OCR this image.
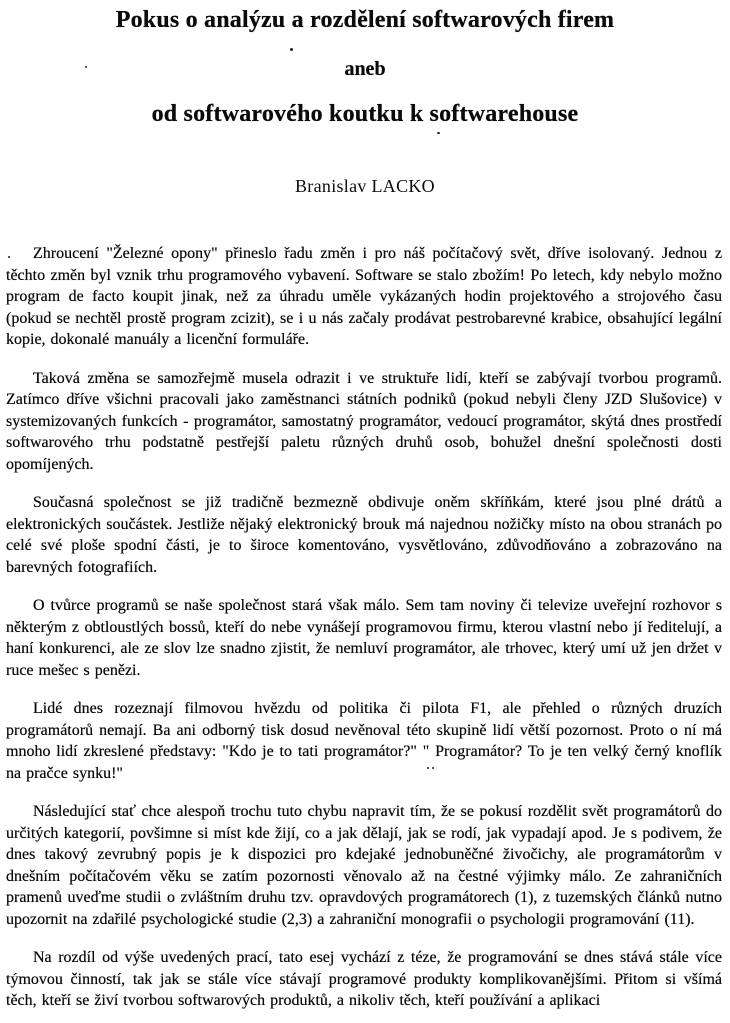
Pokus o analýzu a rozdělení softwarových firem
aneb
od softwarového koutku k softwarehouse
Branislav LACKO

Zhroucení "Železné opony" přineslo řadu změn i pro náš počítačový svět, dříve isolovaný. Jednou z těchto změn byl vznik trhu programového vybavení. Software se stalo zbožím! Po letech, kdy nebylo možno program de facto koupit jinak, než za úhradu uměle vykázaných hodin projektového a strojového času (pokud se nechtěl prostě program zcizit), se i u nás začaly prodávat pestrobarevné krabice, obsahující legální kopie, dokonalé manuály a licenční formuláře.

Taková změna se samozřejmě musela odrazit i ve struktuře lidí, kteří se zabývají tvorbou programů. Zatímco dříve všichni pracovali jako zaměstnanci státních podniků (pokud nebyli členy JZD Slušovice) v systemizovaných funkcích - programátor, samostatný programátor, vedoucí programátor, skýtá dnes prostředí softwarového trhu podstatně pestřejší paletu různých druhů osob, bohužel dnešní společnosti dosti opomíjených.

Současná společnost se již tradičně bezmezně obdivuje oněm skříňkám, které jsou plné drátů a elektronických součástek. Jestliže nějaký elektronický brouk má najednou nožičky místo na obou stranách po celé své ploše spodní části, je to široce komentováno, vysvětlováno, zdůvodňováno a zobrazováno na barevných fotografiích.

O tvůrce programů se naše společnost stará však málo. Sem tam noviny či televize uveřejní rozhovor s některým z obtloustlých bossů, kteří do nebe vynášejí programovou firmu, kterou vlastní nebo jí ředitelují, a haní konkurenci, ale ze slov lze snadno zjistit, že nemluví programátor, ale trhovec, který umí už jen držet v ruce mešec s penězi.

Lidé dnes rozeznají filmovou hvězdu od politika či pilota F1, ale přehled o různých druzích programátorů nemají. Ba ani odborný tisk dosud nevěnoval této skupině lidí větší pozornost. Proto o ní má mnoho lidí zkreslené představy: "Kdo je to tati programátor?" " Programátor? To je ten velký černý knoflík na pračce synku!"

Následující stať chce alespoň trochu tuto chybu napravit tím, že se pokusí rozdělit svět programátorů do určitých kategorií, povšimne si míst kde žijí, co a jak dělají, jak se rodí, jak vypadají apod. Je s podivem, že dnes takový zevrubný popis je k dispozici pro kdejaké jednobuněčné živočichy, ale programátorům v dnešním počítačovém věku se zatím pozornosti věnovalo až na čestné výjimky málo. Ze zahraničních pramenů uveďme studii o zvláštním druhu tzv. opravdových programátorech (1), z tuzemských článků nutno upozornit na zdařilé psychologické studie (2,3) a zahraniční monografii o psychologii programování (11).

Na rozdíl od výše uvedených prací, tato esej vychází z téze, že programování se dnes stává stále více týmovou činností, tak jak se stále více stávají programové produkty komplikovanějšími. Přitom si všímá těch, kteří se živí tvorbou softwarových produktů, a nikoliv těch, kteří používání a aplikaci
